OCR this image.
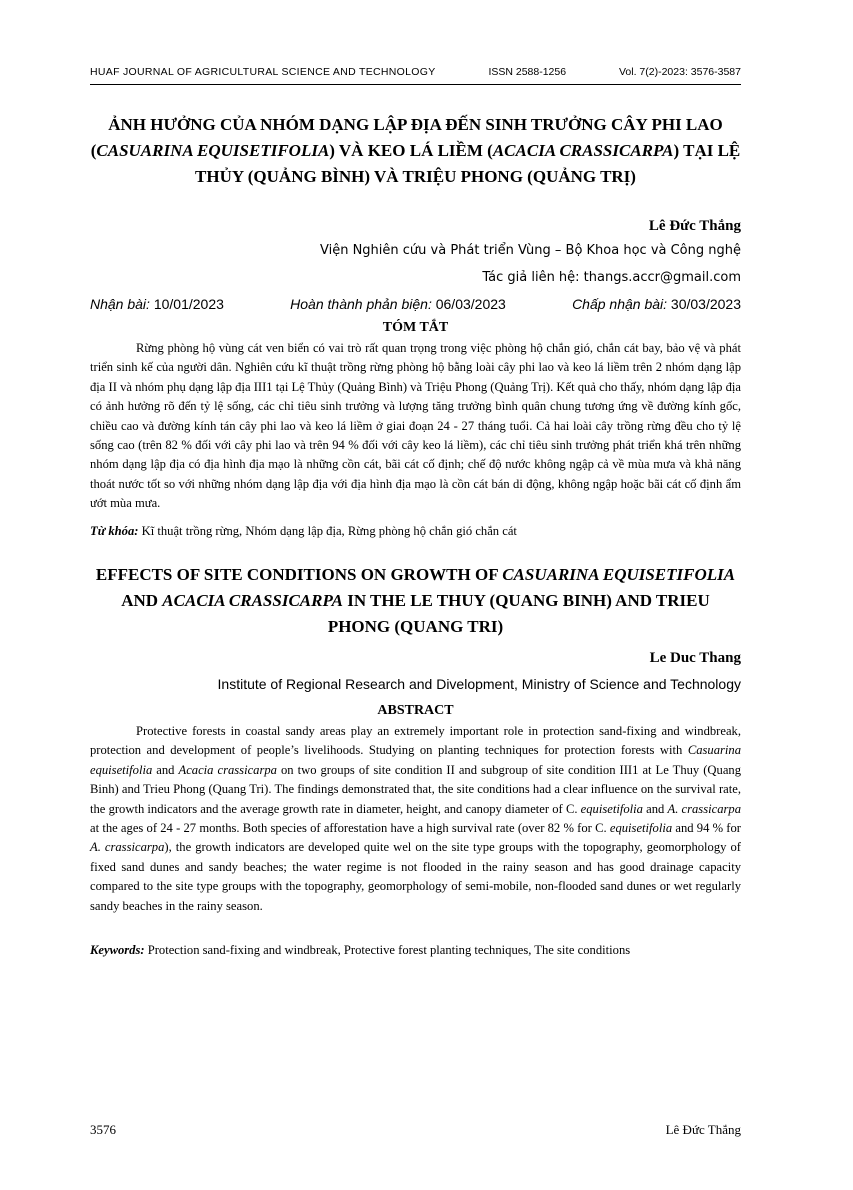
HUAF JOURNAL OF AGRICULTURAL SCIENCE AND TECHNOLOGY	ISSN 2588-1256	Vol. 7(2)-2023: 3576-3587
ẢNH HƯỞNG CỦA NHÓM DẠNG LẬP ĐỊA ĐẾN SINH TRƯỞNG CÂY PHI LAO (CASUARINA EQUISETIFOLIA) VÀ KEO LÁ LIỀM (ACACIA CRASSICARPA) TẠI LỆ THỦY (QUẢNG BÌNH) VÀ TRIỆU PHONG (QUẢNG TRỊ)
Lê Đức Thắng
Viện Nghiên cứu và Phát triển Vùng – Bộ Khoa học và Công nghệ
Tác giả liên hệ: thangs.accr@gmail.com
Nhận bài: 10/01/2023	Hoàn thành phản biện: 06/03/2023	Chấp nhận bài: 30/03/2023
TÓM TẮT

Rừng phòng hộ vùng cát ven biển có vai trò rất quan trọng trong việc phòng hộ chắn gió, chắn cát bay, bảo vệ và phát triển sinh kế của người dân. Nghiên cứu kĩ thuật trồng rừng phòng hộ bằng loài cây phi lao và keo lá liềm trên 2 nhóm dạng lập địa II và nhóm phụ dạng lập địa III1 tại Lệ Thủy (Quảng Bình) và Triệu Phong (Quảng Trị). Kết quả cho thấy, nhóm dạng lập địa có ảnh hưởng rõ đến tỷ lệ sống, các chỉ tiêu sinh trưởng và lượng tăng trưởng bình quân chung tương ứng về đường kính gốc, chiều cao và đường kính tán cây phi lao và keo lá liềm ở giai đoạn 24 - 27 tháng tuổi. Cả hai loài cây trồng rừng đều cho tỷ lệ sống cao (trên 82 % đối với cây phi lao và trên 94 % đối với cây keo lá liềm), các chỉ tiêu sinh trưởng phát triển khá trên những nhóm dạng lập địa có địa hình địa mạo là những cồn cát, bãi cát cố định; chế độ nước không ngập cả về mùa mưa và khả năng thoát nước tốt so với những nhóm dạng lập địa với địa hình địa mạo là cồn cát bán di động, không ngập hoặc bãi cát cố định ẩm ướt mùa mưa.

Từ khóa: Kĩ thuật trồng rừng, Nhóm dạng lập địa, Rừng phòng hộ chắn gió chắn cát
EFFECTS OF SITE CONDITIONS ON GROWTH OF CASUARINA EQUISETIFOLIA AND ACACIA CRASSICARPA IN THE LE THUY (QUANG BINH) AND TRIEU PHONG (QUANG TRI)
Le Duc Thang
Institute of Regional Research and Divelopment, Ministry of Science and Technology
ABSTRACT

Protective forests in coastal sandy areas play an extremely important role in protection sand-fixing and windbreak, protection and development of people’s livelihoods. Studying on planting techniques for protection forests with Casuarina equisetifolia and Acacia crassicarpa on two groups of site condition II and subgroup of site condition III1 at Le Thuy (Quang Binh) and Trieu Phong (Quang Tri). The findings demonstrated that, the site conditions had a clear influence on the survival rate, the growth indicators and the average growth rate in diameter, height, and canopy diameter of C. equisetifolia and A. crassicarpa at the ages of 24 - 27 months. Both species of afforestation have a high survival rate (over 82 % for C. equisetifolia and 94 % for A. crassicarpa), the growth indicators are developed quite wel on the site type groups with the topography, geomorphology of fixed sand dunes and sandy beaches; the water regime is not flooded in the rainy season and has good drainage capacity compared to the site type groups with the topography, geomorphology of semi-mobile, non-flooded sand dunes or wet regularly sandy beaches in the rainy season.

Keywords: Protection sand-fixing and windbreak, Protective forest planting techniques, The site conditions
3576	Lê Đức Thắng
